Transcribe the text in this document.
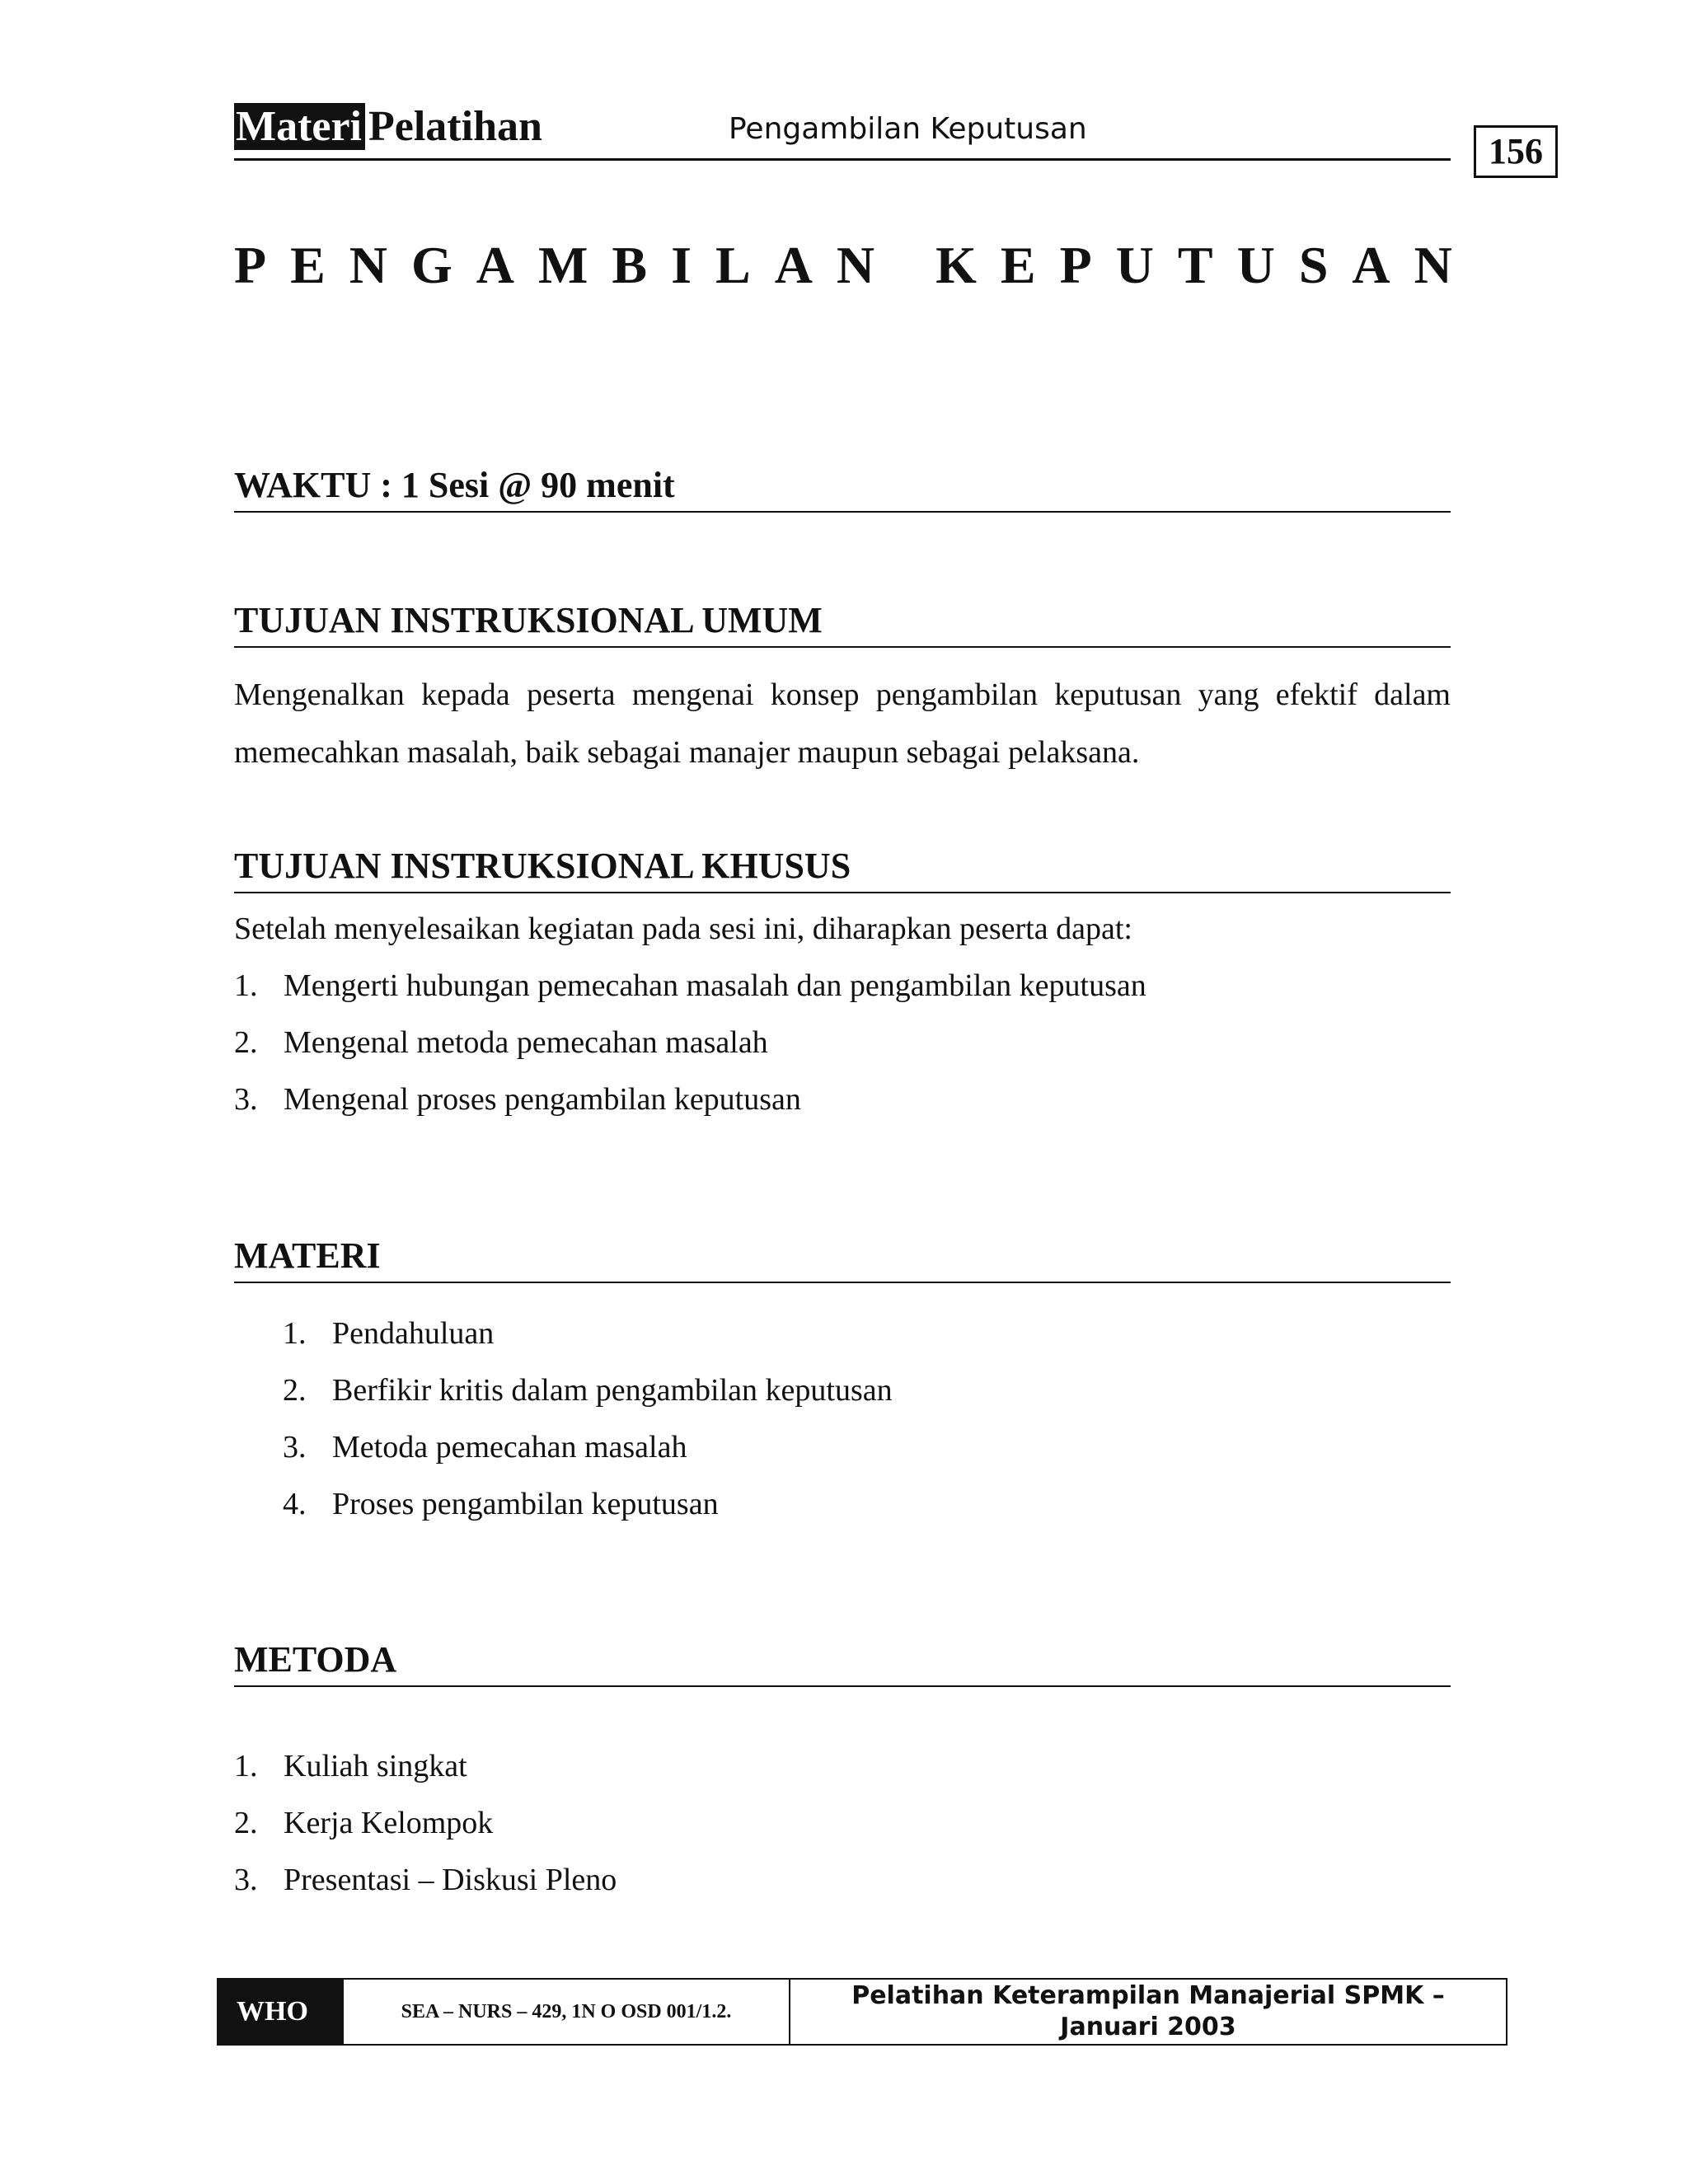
Materi Pelatihan	Pengambilan Keputusan
156
PENGAMBILAN KEPUTUSAN
WAKTU : 1 Sesi @ 90 menit
TUJUAN INSTRUKSIONAL UMUM
Mengenalkan kepada peserta mengenai konsep pengambilan keputusan yang efektif dalam memecahkan masalah, baik sebagai manajer maupun sebagai pelaksana.
TUJUAN INSTRUKSIONAL KHUSUS
Setelah menyelesaikan kegiatan pada sesi ini, diharapkan peserta dapat:
1. Mengerti hubungan pemecahan masalah dan pengambilan keputusan
2. Mengenal metoda pemecahan masalah
3. Mengenal proses pengambilan keputusan
MATERI
1. Pendahuluan
2. Berfikir kritis dalam pengambilan keputusan
3. Metoda pemecahan masalah
4. Proses pengambilan keputusan
METODA
1. Kuliah singkat
2. Kerja Kelompok
3. Presentasi – Diskusi Pleno
WHO	SEA – NURS – 429, 1N O OSD 001/1.2.
Pelatihan Keterampilan Manajerial SPMK – Januari 2003
